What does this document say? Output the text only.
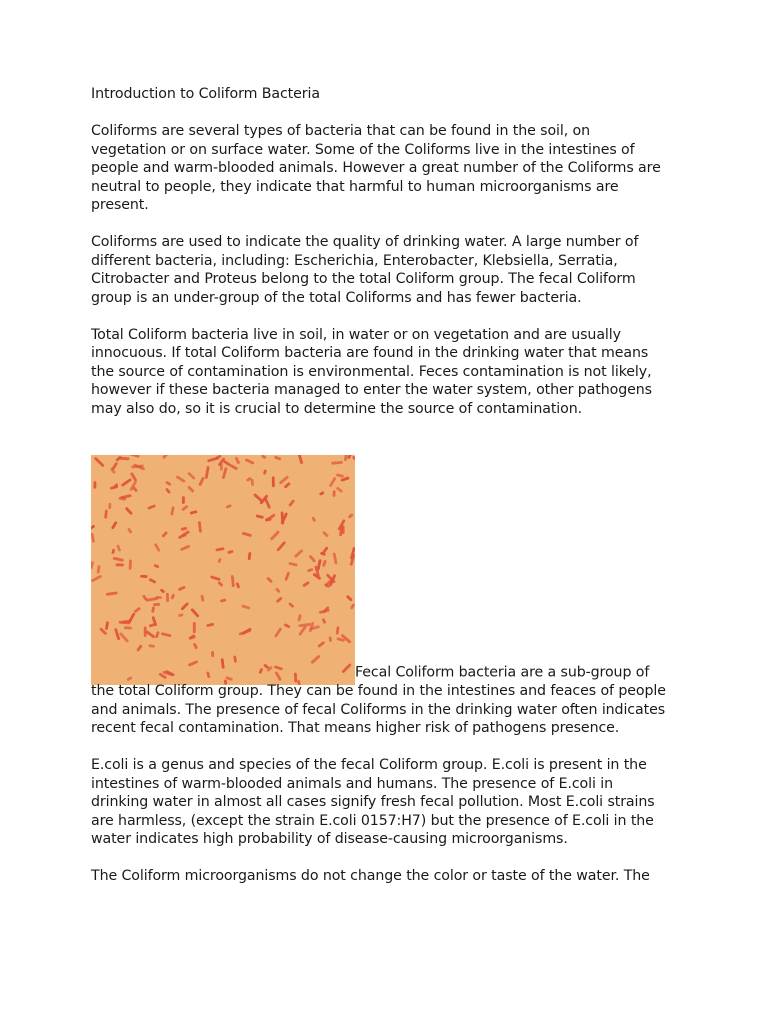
Introduction to Coliform Bacteria

Coliforms are several types of bacteria that can be found in the soil, on
vegetation or on surface water. Some of the Coliforms live in the intestines of
people and warm-blooded animals. However a great number of the Coliforms are
neutral to people, they indicate that harmful to human microorganisms are
present.

Coliforms are used to indicate the quality of drinking water. A large number of
different bacteria, including: Escherichia, Enterobacter, Klebsiella, Serratia,
Citrobacter and Proteus belong to the total Coliform group. The fecal Coliform
group is an under-group of the total Coliforms and has fewer bacteria.

Total Coliform bacteria live in soil, in water or on vegetation and are usually
innocuous. If total Coliform bacteria are found in the drinking water that means
the source of contamination is environmental. Feces contamination is not likely,
however if these bacteria managed to enter the water system, other pathogens
may also do, so it is crucial to determine the source of contamination.

Fecal Coliform bacteria are a sub-group of

the total Coliform group. They can be found in the intestines and feaces of people
and animals. The presence of fecal Coliforms in the drinking water often indicates
recent fecal contamination. That means higher risk of pathogens presence.

E.coli is a genus and species of the fecal Coliform group. E.coli is present in the
intestines of warm-blooded animals and humans. The presence of E.coli in
drinking water in almost all cases signify fresh fecal pollution. Most E.coli strains
are harmless, (except the strain E.coli 0157:H7) but the presence of E.coli in the
water indicates high probability of disease-causing microorganisms.

The Coliform microorganisms do not change the color or taste of the water. The
